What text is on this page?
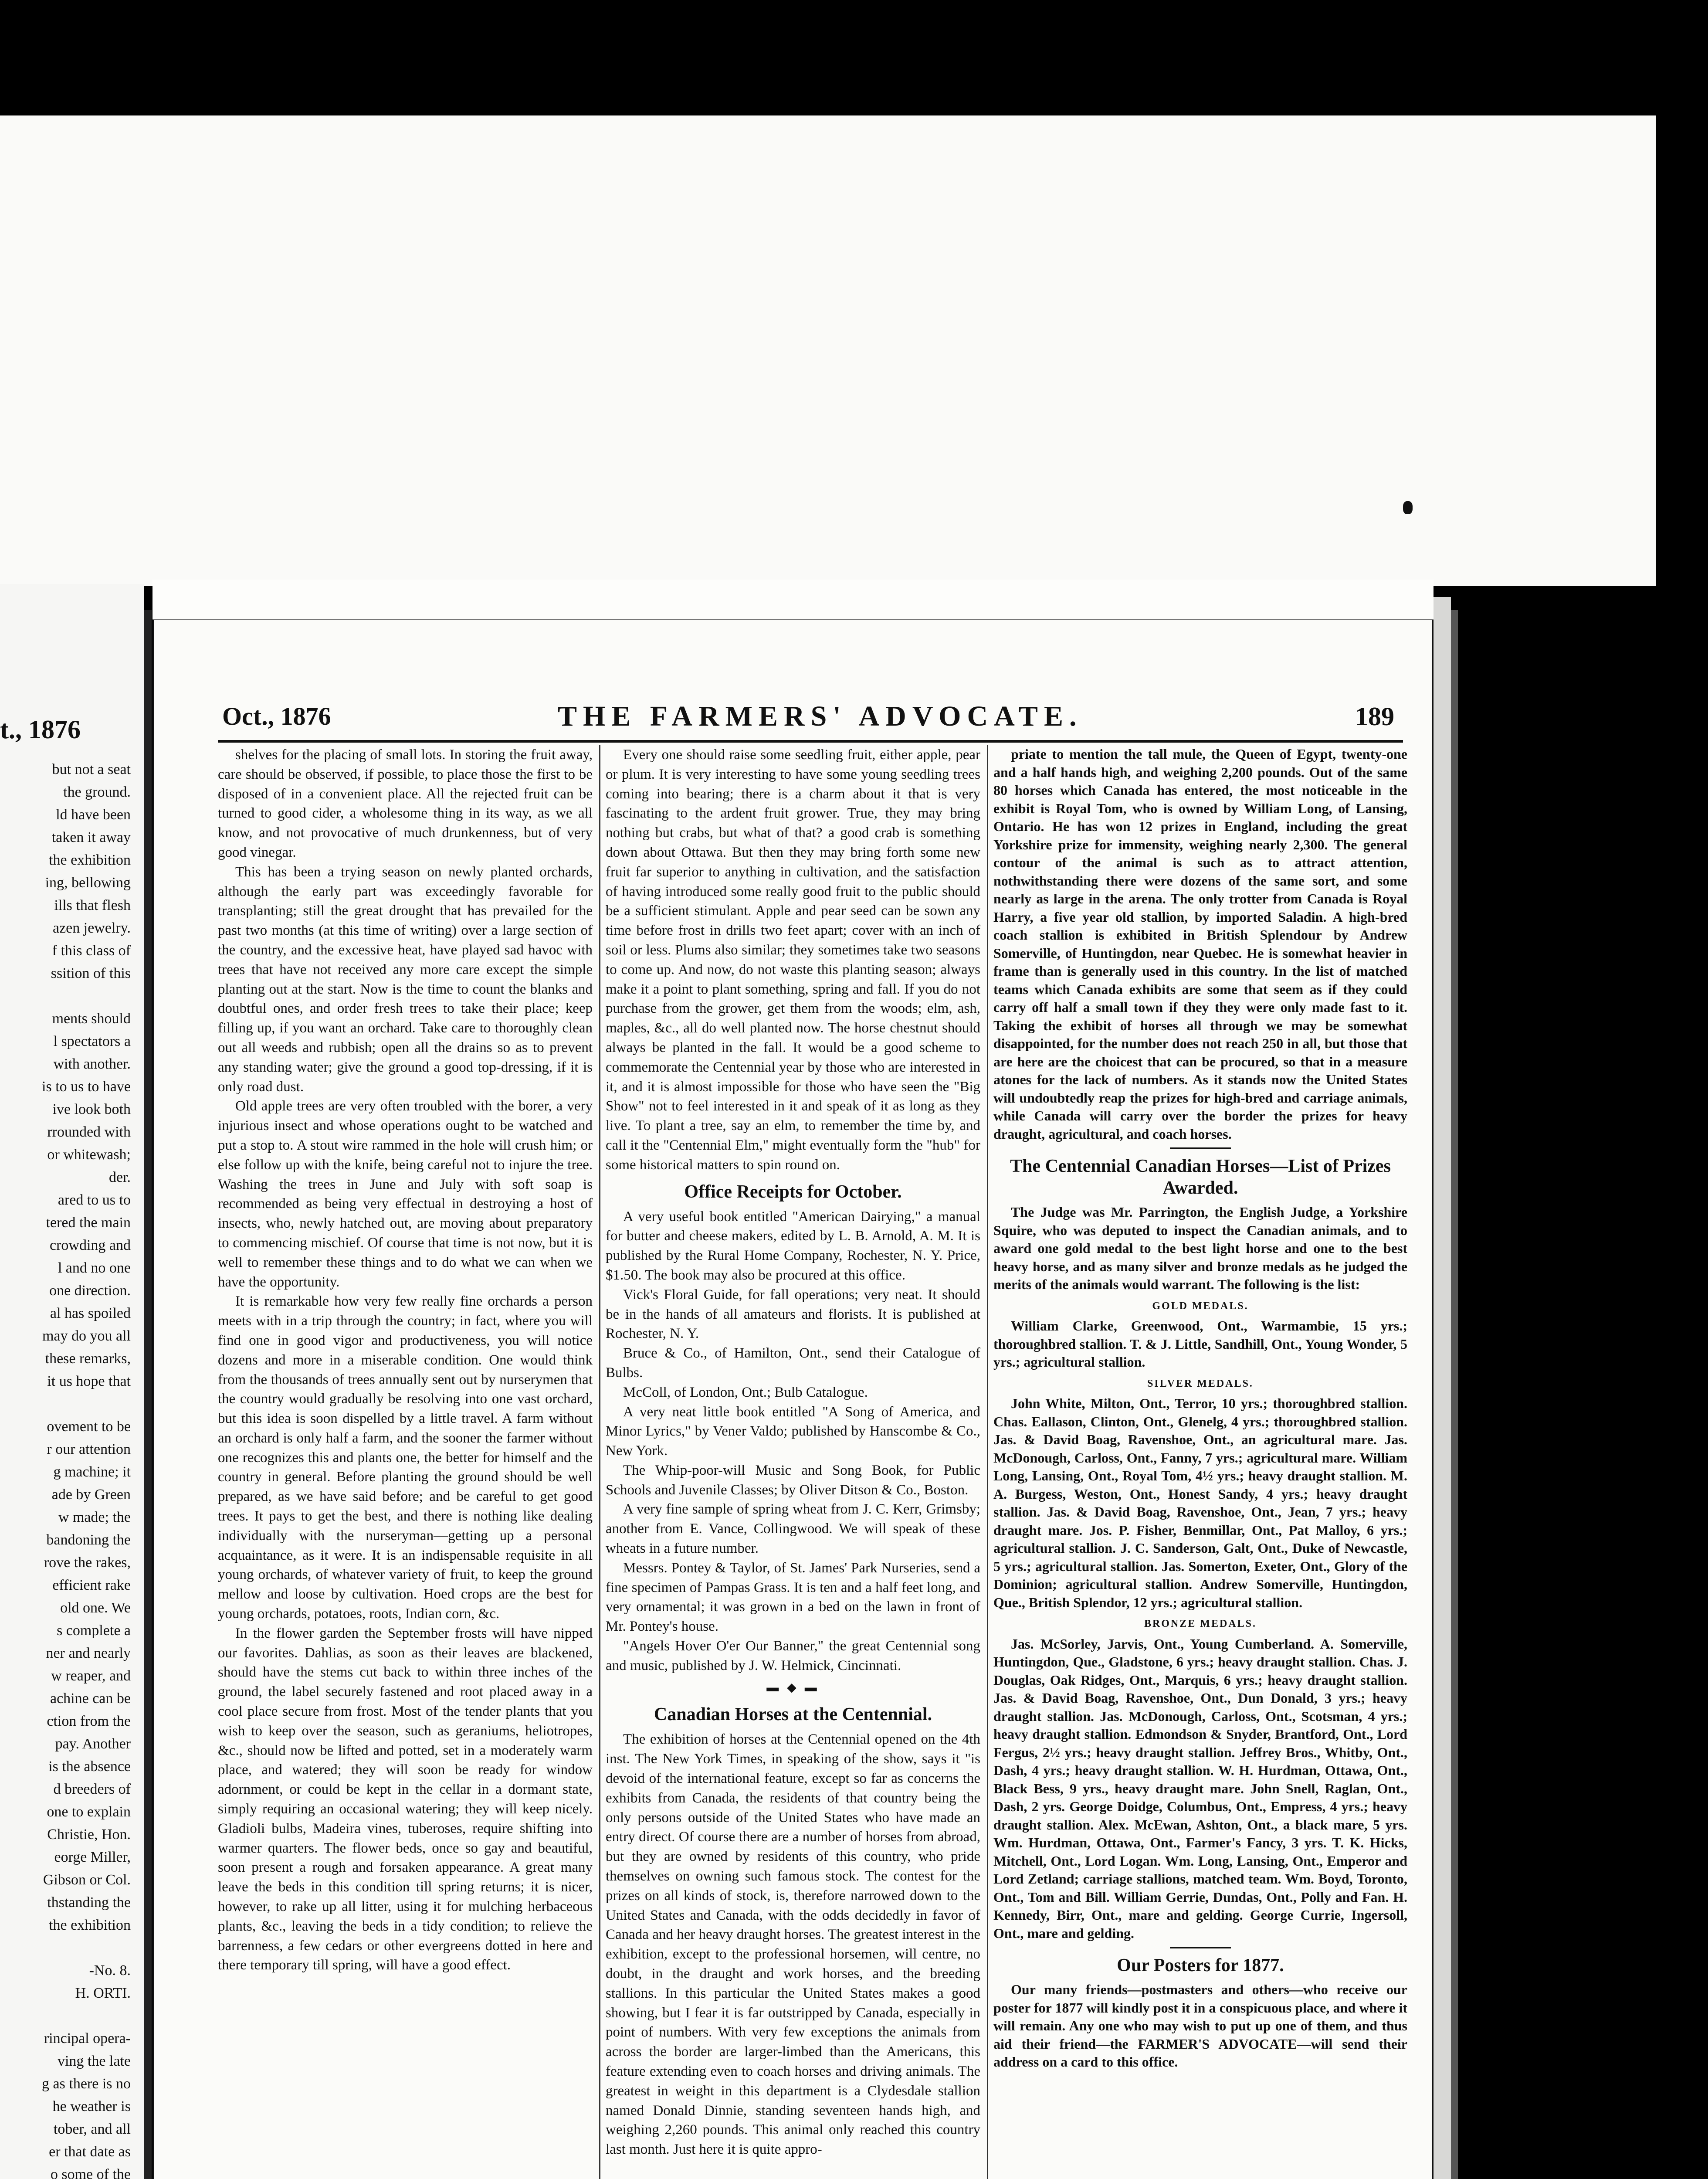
t., 1876
but not a seat
the ground.
ld have been
taken it away
the exhibition
ing, bellowing
ills that flesh
azen jewelry.
f this class of
ssition of this

ments should
l spectators a
with another.
is to us to have
ive look both
rrounded with
or whitewash;
der.
ared to us to
tered the main
crowding and
l and no one
one direction.
al has spoiled
may do you all
these remarks,
it us hope that

ovement to be
r our attention
g machine; it
ade by Green
w made; the
bandoning the
rove the rakes,
efficient rake
old one. We
s complete a
ner and nearly
w reaper, and
achine can be
ction from the
pay. Another
is the absence
d breeders of
one to explain
Christie, Hon.
eorge Miller,
Gibson or Col.
thstanding the
the exhibition

-No. 8.
H. ORTI.

rincipal opera-
ving the late
g as there is no
he weather is
tober, and all
er that date as
o some of the
Oct., 1876	THE FARMERS' ADVOCATE.	189

shelves for the placing of small lots. In storing the fruit away, care should be observed, if possible, to place those the first to be disposed of in a convenient place. All the rejected fruit can be turned to good cider, a wholesome thing in its way, as we all know, and not provocative of much drunkenness, but of very good vinegar.

This has been a trying season on newly planted orchards, although the early part was exceedingly favorable for transplanting; still the great drought that has prevailed for the past two months (at this time of writing) over a large section of the country, and the excessive heat, have played sad havoc with trees that have not received any more care except the simple planting out at the start. Now is the time to count the blanks and doubtful ones, and order fresh trees to take their place; keep filling up, if you want an orchard. Take care to thoroughly clean out all weeds and rubbish; open all the drains so as to prevent any standing water; give the ground a good top-dressing, if it is only road dust.

Old apple trees are very often troubled with the borer, a very injurious insect and whose operations ought to be watched and put a stop to. A stout wire rammed in the hole will crush him; or else follow up with the knife, being careful not to injure the tree. Washing the trees in June and July with soft soap is recommended as being very effectual in destroying a host of insects, who, newly hatched out, are moving about preparatory to commencing mischief. Of course that time is not now, but it is well to remember these things and to do what we can when we have the opportunity.

It is remarkable how very few really fine orchards a person meets with in a trip through the country; in fact, where you will find one in good vigor and productiveness, you will notice dozens and more in a miserable condition. One would think from the thousands of trees annually sent out by nurserymen that the country would gradually be resolving into one vast orchard, but this idea is soon dispelled by a little travel. A farm without an orchard is only half a farm, and the sooner the farmer without one recognizes this and plants one, the better for himself and the country in general. Before planting the ground should be well prepared, as we have said before; and be careful to get good trees. It pays to get the best, and there is nothing like dealing individually with the nurseryman—getting up a personal acquaintance, as it were. It is an indispensable requisite in all young orchards, of whatever variety of fruit, to keep the ground mellow and loose by cultivation. Hoed crops are the best for young orchards, potatoes, roots, Indian corn, &c.

In the flower garden the September frosts will have nipped our favorites. Dahlias, as soon as their leaves are blackened, should have the stems cut back to within three inches of the ground, the label securely fastened and root placed away in a cool place secure from frost. Most of the tender plants that you wish to keep over the season, such as geraniums, heliotropes, &c., should now be lifted and potted, set in a moderately warm place, and watered; they will soon be ready for window adornment, or could be kept in the cellar in a dormant state, simply requiring an occasional watering; they will keep nicely. Gladioli bulbs, Madeira vines, tuberoses, require shifting into warmer quarters. The flower beds, once so gay and beautiful, soon present a rough and forsaken appearance. A great many leave the beds in this condition till spring returns; it is nicer, however, to rake up all litter, using it for mulching herbaceous plants, &c., leaving the beds in a tidy condition; to relieve the barrenness, a few cedars or other evergreens dotted in here and there temporary till spring, will have a good effect.

Every one should raise some seedling fruit, either apple, pear or plum. It is very interesting to have some young seedling trees coming into bearing; there is a charm about it that is very fascinating to the ardent fruit grower. True, they may bring nothing but crabs, but what of that? a good crab is something down about Ottawa. But then they may bring forth some new fruit far superior to anything in cultivation, and the satisfaction of having introduced some really good fruit to the public should be a sufficient stimulant. Apple and pear seed can be sown any time before frost in drills two feet apart; cover with an inch of soil or less. Plums also similar; they sometimes take two seasons to come up. And now, do not waste this planting season; always make it a point to plant something, spring and fall. If you do not purchase from the grower, get them from the woods; elm, ash, maples, &c., all do well planted now. The horse chestnut should always be planted in the fall. It would be a good scheme to commemorate the Centennial year by those who are interested in it, and it is almost impossible for those who have seen the "Big Show" not to feel interested in it and speak of it as long as they live. To plant a tree, say an elm, to remember the time by, and call it the "Centennial Elm," might eventually form the "hub" for some historical matters to spin round on.

Office Receipts for October.

A very useful book entitled "American Dairying," a manual for butter and cheese makers, edited by L. B. Arnold, A. M. It is published by the Rural Home Company, Rochester, N. Y. Price, $1.50. The book may also be procured at this office.

Vick's Floral Guide, for fall operations; very neat. It should be in the hands of all amateurs and florists. It is published at Rochester, N. Y.

Bruce & Co., of Hamilton, Ont., send their Catalogue of Bulbs.

McColl, of London, Ont.; Bulb Catalogue.

A very neat little book entitled "A Song of America, and Minor Lyrics," by Vener Valdo; published by Hanscombe & Co., New York.

The Whip-poor-will Music and Song Book, for Public Schools and Juvenile Classes; by Oliver Ditson & Co., Boston.

A very fine sample of spring wheat from J. C. Kerr, Grimsby; another from E. Vance, Collingwood. We will speak of these wheats in a future number.

Messrs. Pontey & Taylor, of St. James' Park Nurseries, send a fine specimen of Pampas Grass. It is ten and a half feet long, and very ornamental; it was grown in a bed on the lawn in front of Mr. Pontey's house.

"Angels Hover O'er Our Banner," the great Centennial song and music, published by J. W. Helmick, Cincinnati.

▬ ◆ ▬
Canadian Horses at the Centennial.

The exhibition of horses at the Centennial opened on the 4th inst. The New York Times, in speaking of the show, says it "is devoid of the international feature, except so far as concerns the exhibits from Canada, the residents of that country being the only persons outside of the United States who have made an entry direct. Of course there are a number of horses from abroad, but they are owned by residents of this country, who pride themselves on owning such famous stock. The contest for the prizes on all kinds of stock, is, therefore narrowed down to the United States and Canada, with the odds decidedly in favor of Canada and her heavy draught horses. The greatest interest in the exhibition, except to the professional horsemen, will centre, no doubt, in the draught and work horses, and the breeding stallions. In this particular the United States makes a good showing, but I fear it is far outstripped by Canada, especially in point of numbers. With very few exceptions the animals from across the border are larger-limbed than the Americans, this feature extending even to coach horses and driving animals. The greatest in weight in this department is a Clydesdale stallion named Donald Dinnie, standing seventeen hands high, and weighing 2,260 pounds. This animal only reached this country last month. Just here it is quite appro-

priate to mention the tall mule, the Queen of Egypt, twenty-one and a half hands high, and weighing 2,200 pounds. Out of the same 80 horses which Canada has entered, the most noticeable in the exhibit is Royal Tom, who is owned by William Long, of Lansing, Ontario. He has won 12 prizes in England, including the great Yorkshire prize for immensity, weighing nearly 2,300. The general contour of the animal is such as to attract attention, nothwithstanding there were dozens of the same sort, and some nearly as large in the arena. The only trotter from Canada is Royal Harry, a five year old stallion, by imported Saladin. A high-bred coach stallion is exhibited in British Splendour by Andrew Somerville, of Huntingdon, near Quebec. He is somewhat heavier in frame than is generally used in this country. In the list of matched teams which Canada exhibits are some that seem as if they could carry off half a small town if they they were only made fast to it. Taking the exhibit of horses all through we may be somewhat disappointed, for the number does not reach 250 in all, but those that are here are the choicest that can be procured, so that in a measure atones for the lack of numbers. As it stands now the United States will undoubtedly reap the prizes for high-bred and carriage animals, while Canada will carry over the border the prizes for heavy draught, agricultural, and coach horses.

The Centennial Canadian Horses—List of Prizes Awarded.

The Judge was Mr. Parrington, the English Judge, a Yorkshire Squire, who was deputed to inspect the Canadian animals, and to award one gold medal to the best light horse and one to the best heavy horse, and as many silver and bronze medals as he judged the merits of the animals would warrant. The following is the list:

GOLD MEDALS.

William Clarke, Greenwood, Ont., Warmambie, 15 yrs.; thoroughbred stallion. T. & J. Little, Sandhill, Ont., Young Wonder, 5 yrs.; agricultural stallion.

SILVER MEDALS.

John White, Milton, Ont., Terror, 10 yrs.; thoroughbred stallion. Chas. Eallason, Clinton, Ont., Glenelg, 4 yrs.; thoroughbred stallion. Jas. & David Boag, Ravenshoe, Ont., an agricultural mare. Jas. McDonough, Carloss, Ont., Fanny, 7 yrs.; agricultural mare. William Long, Lansing, Ont., Royal Tom, 4½ yrs.; heavy draught stallion. M. A. Burgess, Weston, Ont., Honest Sandy, 4 yrs.; heavy draught stallion. Jas. & David Boag, Ravenshoe, Ont., Jean, 7 yrs.; heavy draught mare. Jos. P. Fisher, Benmillar, Ont., Pat Malloy, 6 yrs.; agricultural stallion. J. C. Sanderson, Galt, Ont., Duke of Newcastle, 5 yrs.; agricultural stallion. Jas. Somerton, Exeter, Ont., Glory of the Dominion; agricultural stallion. Andrew Somerville, Huntingdon, Que., British Splendor, 12 yrs.; agricultural stallion.

BRONZE MEDALS.

Jas. McSorley, Jarvis, Ont., Young Cumberland. A. Somerville, Huntingdon, Que., Gladstone, 6 yrs.; heavy draught stallion. Chas. J. Douglas, Oak Ridges, Ont., Marquis, 6 yrs.; heavy draught stallion. Jas. & David Boag, Ravenshoe, Ont., Dun Donald, 3 yrs.; heavy draught stallion. Jas. McDonough, Carloss, Ont., Scotsman, 4 yrs.; heavy draught stallion. Edmondson & Snyder, Brantford, Ont., Lord Fergus, 2½ yrs.; heavy draught stallion. Jeffrey Bros., Whitby, Ont., Dash, 4 yrs.; heavy draught stallion. W. H. Hurdman, Ottawa, Ont., Black Bess, 9 yrs., heavy draught mare. John Snell, Raglan, Ont., Dash, 2 yrs. George Doidge, Columbus, Ont., Empress, 4 yrs.; heavy draught stallion. Alex. McEwan, Ashton, Ont., a black mare, 5 yrs. Wm. Hurdman, Ottawa, Ont., Farmer's Fancy, 3 yrs. T. K. Hicks, Mitchell, Ont., Lord Logan. Wm. Long, Lansing, Ont., Emperor and Lord Zetland; carriage stallions, matched team. Wm. Boyd, Toronto, Ont., Tom and Bill. William Gerrie, Dundas, Ont., Polly and Fan. H. Kennedy, Birr, Ont., mare and gelding. George Currie, Ingersoll, Ont., mare and gelding.

Our Posters for 1877.

Our many friends—postmasters and others—who receive our poster for 1877 will kindly post it in a conspicuous place, and where it will remain. Any one who may wish to put up one of them, and thus aid their friend—the FARMER'S ADVOCATE—will send their address on a card to this office.
